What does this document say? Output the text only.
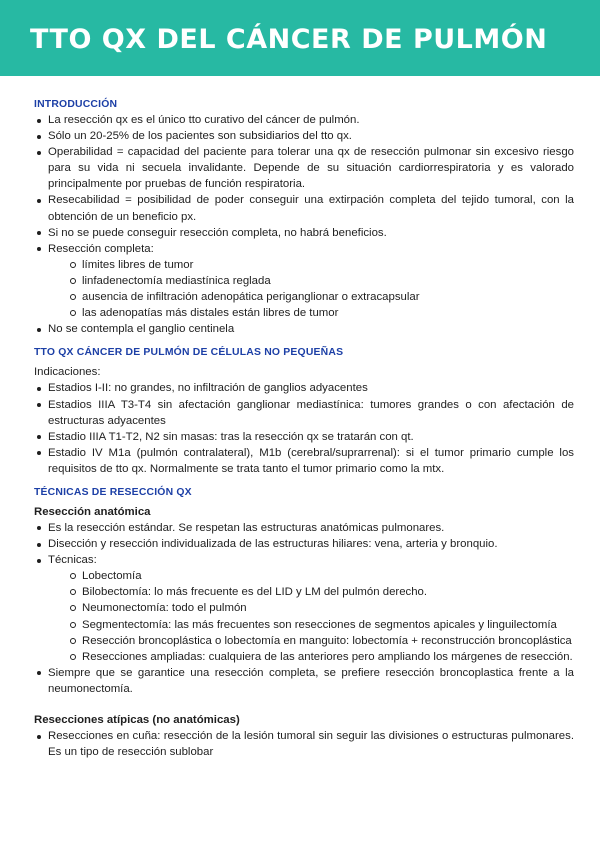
TTO QX DEL CÁNCER DE PULMÓN

INTRODUCCIÓN

La resección qx es el único tto curativo del cáncer de pulmón.
Sólo un 20-25% de los pacientes son subsidiarios del tto qx.
Operabilidad = capacidad del paciente para tolerar una qx de resección pulmonar sin excesivo riesgo para su vida ni secuela invalidante. Depende de su situación cardiorrespiratoria y es valorado principalmente por pruebas de función respiratoria.
Resecabilidad = posibilidad de poder conseguir una extirpación completa del tejido tumoral, con la obtención de un beneficio px.
Si no se puede conseguir resección completa, no habrá beneficios.
Resección completa:
límites libres de tumor
linfadenectomía mediastínica reglada
ausencia de infiltración adenopática periganglionar o extracapsular
las adenopatías más distales están libres de tumor
No se contempla el ganglio centinela

TTO QX CÁNCER DE PULMÓN DE CÉLULAS NO PEQUEÑAS

Indicaciones:

Estadios I-II: no grandes, no infiltración de ganglios adyacentes
Estadios IIIA T3-T4 sin afectación ganglionar mediastínica: tumores grandes o con afectación de estructuras adyacentes
Estadio IIIA T1-T2, N2 sin masas: tras la resección qx se tratarán con qt.
Estadio IV M1a (pulmón contralateral), M1b (cerebral/suprarrenal): si el tumor primario cumple los requisitos de tto qx. Normalmente se trata tanto el tumor primario como la mtx.

TÉCNICAS DE RESECCIÓN QX

Resección anatómica

Es la resección estándar. Se respetan las estructuras anatómicas pulmonares.
Disección y resección individualizada de las estructuras hiliares: vena, arteria y bronquio.
Técnicas:
Lobectomía
Bilobectomía: lo más frecuente es del LID y LM del pulmón derecho.
Neumonectomía: todo el pulmón
Segmentectomía: las más frecuentes son resecciones de segmentos apicales y linguilectomía
Resección broncoplástica o lobectomía en manguito: lobectomía + reconstrucción broncoplástica
Resecciones ampliadas: cualquiera de las anteriores pero ampliando los márgenes de resección.
Siempre que se garantice una resección completa, se prefiere resección broncoplastica frente a la neumonectomía.

Resecciones atípicas (no anatómicas)

Resecciones en cuña: resección de la lesión tumoral sin seguir las divisiones o estructuras pulmonares. Es un tipo de resección sublobar
